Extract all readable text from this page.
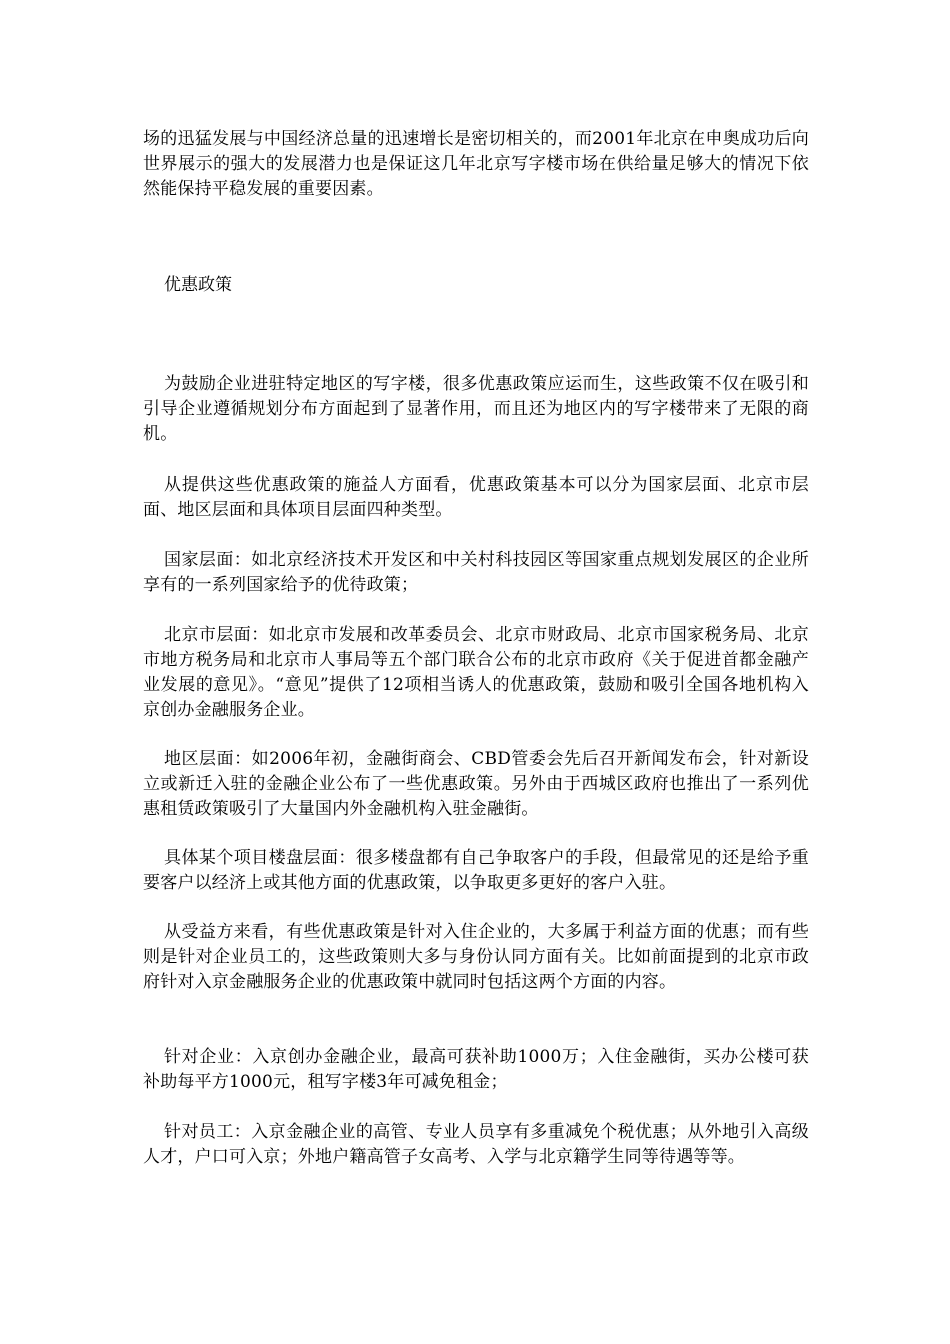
场的迅猛发展与中国经济总量的迅速增长是密切相关的，而2001年北京在申奥成功后向世界展示的强大的发展潜力也是保证这几年北京写字楼市场在供给量足够大的情况下依然能保持平稳发展的重要因素。

优惠政策

为鼓励企业进驻特定地区的写字楼，很多优惠政策应运而生，这些政策不仅在吸引和引导企业遵循规划分布方面起到了显著作用，而且还为地区内的写字楼带来了无限的商机。

从提供这些优惠政策的施益人方面看，优惠政策基本可以分为国家层面、北京市层面、地区层面和具体项目层面四种类型。

国家层面：如北京经济技术开发区和中关村科技园区等国家重点规划发展区的企业所享有的一系列国家给予的优待政策；

北京市层面：如北京市发展和改革委员会、北京市财政局、北京市国家税务局、北京市地方税务局和北京市人事局等五个部门联合公布的北京市政府《关于促进首都金融产业发展的意见》。“意见”提供了12项相当诱人的优惠政策，鼓励和吸引全国各地机构入京创办金融服务企业。

地区层面：如2006年初，金融街商会、CBD管委会先后召开新闻发布会，针对新设立或新迁入驻的金融企业公布了一些优惠政策。另外由于西城区政府也推出了一系列优惠租赁政策吸引了大量国内外金融机构入驻金融街。

具体某个项目楼盘层面：很多楼盘都有自己争取客户的手段，但最常见的还是给予重要客户以经济上或其他方面的优惠政策，以争取更多更好的客户入驻。

从受益方来看，有些优惠政策是针对入住企业的，大多属于利益方面的优惠；而有些则是针对企业员工的，这些政策则大多与身份认同方面有关。比如前面提到的北京市政府针对入京金融服务企业的优惠政策中就同时包括这两个方面的内容。

针对企业：入京创办金融企业，最高可获补助1000万；入住金融街，买办公楼可获补助每平方1000元，租写字楼3年可减免租金；

针对员工：入京金融企业的高管、专业人员享有多重减免个税优惠；从外地引入高级人才，户口可入京；外地户籍高管子女高考、入学与北京籍学生同等待遇等等。
